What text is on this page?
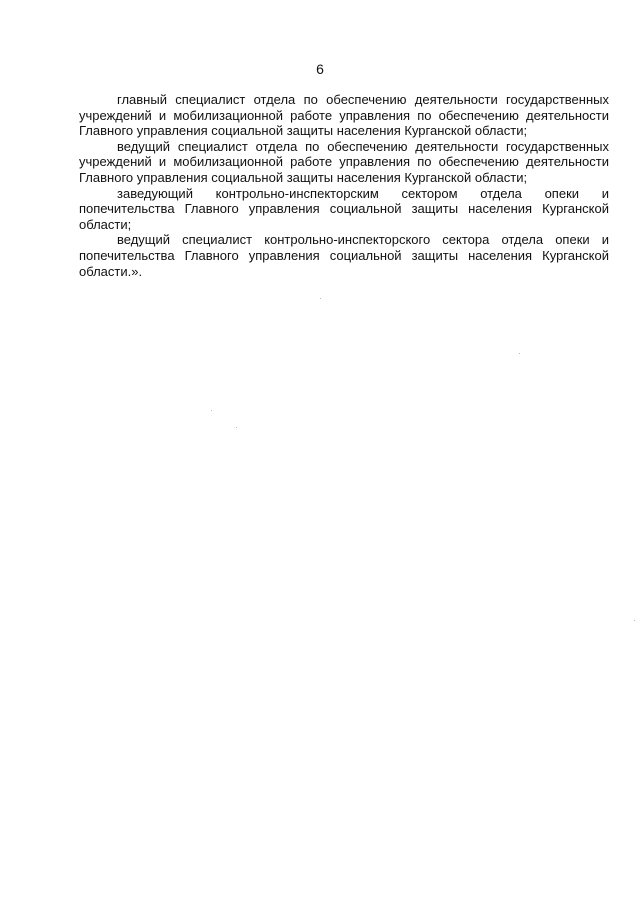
6

главный специалист отдела по обеспечению деятельности государственных учреждений и мобилизационной работе управления по обеспечению деятельности Главного управления социальной защиты населения Курганской области;

ведущий специалист отдела по обеспечению деятельности государственных учреждений и мобилизационной работе управления по обеспечению деятельности Главного управления социальной защиты населения Курганской области;

заведующий контрольно-инспекторским сектором отдела опеки и попечительства Главного управления социальной защиты населения Курганской области;

ведущий специалист контрольно-инспекторского сектора отдела опеки и попечительства Главного управления социальной защиты населения Курганской области.».
